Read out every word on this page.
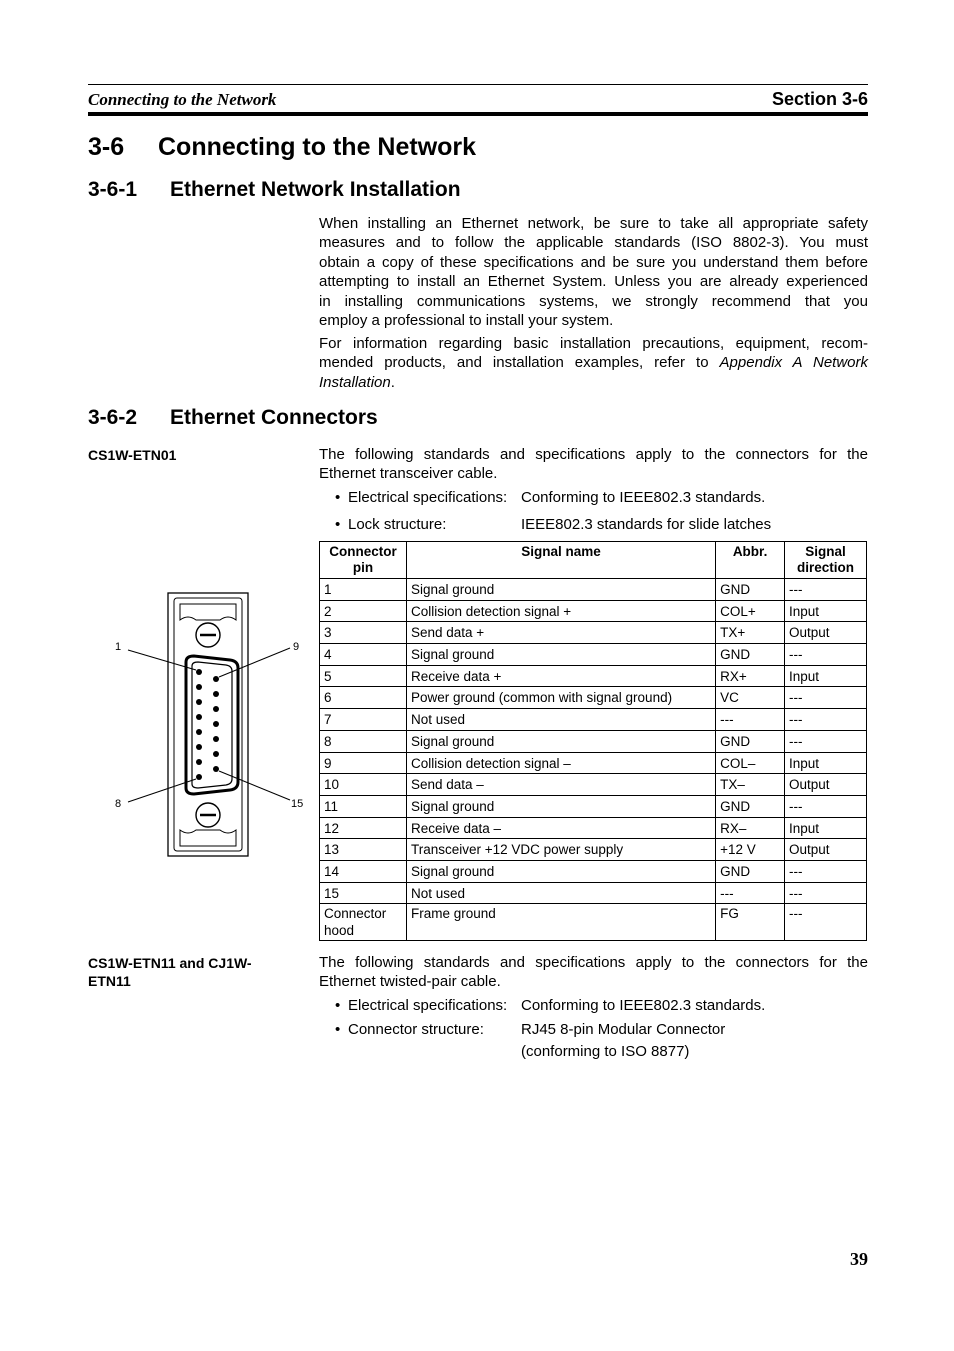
Connecting to the Network	Section 3-6
3-6 Connecting to the Network
3-6-1 Ethernet Network Installation
When installing an Ethernet network, be sure to take all appropriate safety
measures and to follow the applicable standards (ISO 8802-3). You must
obtain a copy of these specifications and be sure you understand them before
attempting to install an Ethernet System. Unless you are already experienced
in installing communications systems, we strongly recommend that you
employ a professional to install your system.
For information regarding basic installation precautions, equipment, recom-
mended products, and installation examples, refer to Appendix A Network
Installation.
3-6-2 Ethernet Connectors
CS1W-ETN01	The following standards and specifications apply to the connectors for the
Ethernet transceiver cable.
• Electrical specifications: Conforming to IEEE802.3 standards.
• Lock structure:	IEEE802.3 standards for slide latches
1	9
8	15
Connector pin	Signal name	Abbr.	Signal direction
1	Signal ground	GND	---
2	Collision detection signal +	COL+	Input
3	Send data +	TX+	Output
4	Signal ground	GND	---
5	Receive data +	RX+	Input
6	Power ground (common with signal ground)	VC	---
7	Not used	---	---
8	Signal ground	GND	---
9	Collision detection signal –	COL–	Input
10	Send data –	TX–	Output
11	Signal ground	GND	---
12	Receive data –	RX–	Input
13	Transceiver +12 VDC power supply	+12 V	Output
14	Signal ground	GND	---
15	Not used	---	---
Connector hood	Frame ground	FG	---
CS1W-ETN11 and CJ1W-ETN11
The following standards and specifications apply to the connectors for the
Ethernet twisted-pair cable.
• Electrical specifications: Conforming to IEEE802.3 standards.
• Connector structure: RJ45 8-pin Modular Connector
(conforming to ISO 8877)
39
